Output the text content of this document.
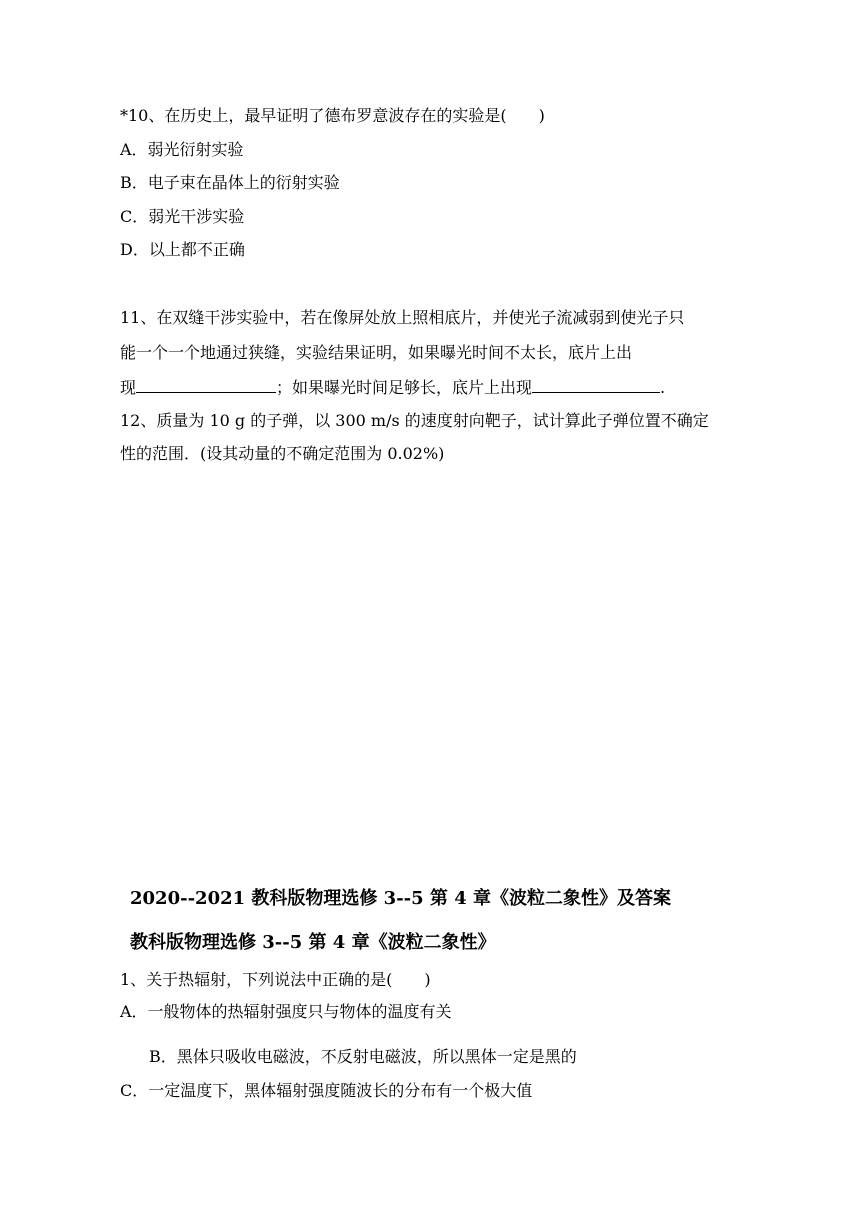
*10、在历史上，最早证明了德布罗意波存在的实验是(　　)
A．弱光衍射实验
B．电子束在晶体上的衍射实验
C．弱光干涉实验
D．以上都不正确
11、在双缝干涉实验中，若在像屏处放上照相底片，并使光子流减弱到使光子只
能一个一个地通过狭缝，实验结果证明，如果曝光时间不太长，底片上出
现	；如果曝光时间足够长，底片上出现	.
12、质量为 10 g 的子弹，以 300 m/s 的速度射向靶子，试计算此子弹位置不确定
性的范围．(设其动量的不确定范围为 0.02%)
2020--2021 教科版物理选修 3--5 第 4 章《波粒二象性》及答案
教科版物理选修 3--5 第 4 章《波粒二象性》
1、关于热辐射，下列说法中正确的是(　　)
A．一般物体的热辐射强度只与物体的温度有关
B．黑体只吸收电磁波，不反射电磁波，所以黑体一定是黑的
C．一定温度下，黑体辐射强度随波长的分布有一个极大值
